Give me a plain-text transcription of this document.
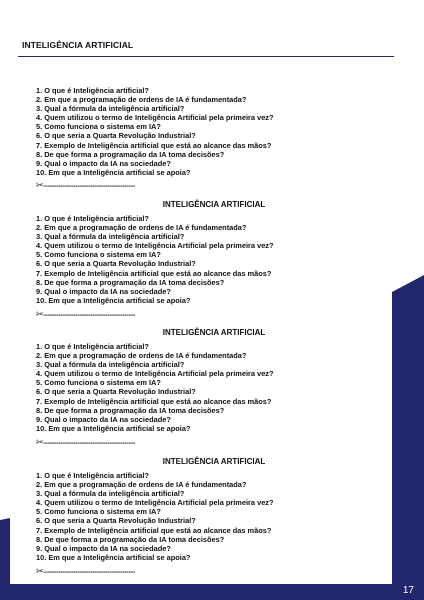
INTELIGÊNCIA ARTIFICIAL
1. O que é Inteligência artificial?
2. Em que a programação de ordens de IA é fundamentada?
3. Qual a fórmula da inteligência artificial?
4. Quem utilizou o termo de Inteligência Artificial pela primeira vez?
5. Como funciona o sistema em IA?
6. O que seria a Quarta Revolução Industrial?
7. Exemplo de Inteligência artificial que está ao alcance das mãos?
8. De que forma a programação da IA toma decisões?
9. Qual o impacto da IA na sociedade?
10. Em que a Inteligência artificial se apoia?
✂-------------------------------------------
INTELIGÊNCIA ARTIFICIAL
1. O que é Inteligência artificial?
2. Em que a programação de ordens de IA é fundamentada?
3. Qual a fórmula da inteligência artificial?
4. Quem utilizou o termo de Inteligência Artificial pela primeira vez?
5. Como funciona o sistema em IA?
6. O que seria a Quarta Revolução Industrial?
7. Exemplo de Inteligência artificial que está ao alcance das mãos?
8. De que forma a programação da IA toma decisões?
9. Qual o impacto da IA na sociedade?
10. Em que a Inteligência artificial se apoia?
✂-------------------------------------------
INTELIGÊNCIA ARTIFICIAL
1. O que é Inteligência artificial?
2. Em que a programação de ordens de IA é fundamentada?
3. Qual a fórmula da inteligência artificial?
4. Quem utilizou o termo de Inteligência Artificial pela primeira vez?
5. Como funciona o sistema em IA?
6. O que seria a Quarta Revolução Industrial?
7. Exemplo de Inteligência artificial que está ao alcance das mãos?
8. De que forma a programação da IA toma decisões?
9. Qual o impacto da IA na sociedade?
10. Em que a Inteligência artificial se apoia?
✂-------------------------------------------
INTELIGÊNCIA ARTIFICIAL
1. O que é Inteligência artificial?
2. Em que a programação de ordens de IA é fundamentada?
3. Qual a fórmula da inteligência artificial?
4. Quem utilizou o termo de Inteligência Artificial pela primeira vez?
5. Como funciona o sistema em IA?
6. O que seria a Quarta Revolução Industrial?
7. Exemplo de Inteligência artificial que está ao alcance das mãos?
8. De que forma a programação da IA toma decisões?
9. Qual o impacto da IA na sociedade?
10. Em que a Inteligência artificial se apoia?
✂-------------------------------------------
17
